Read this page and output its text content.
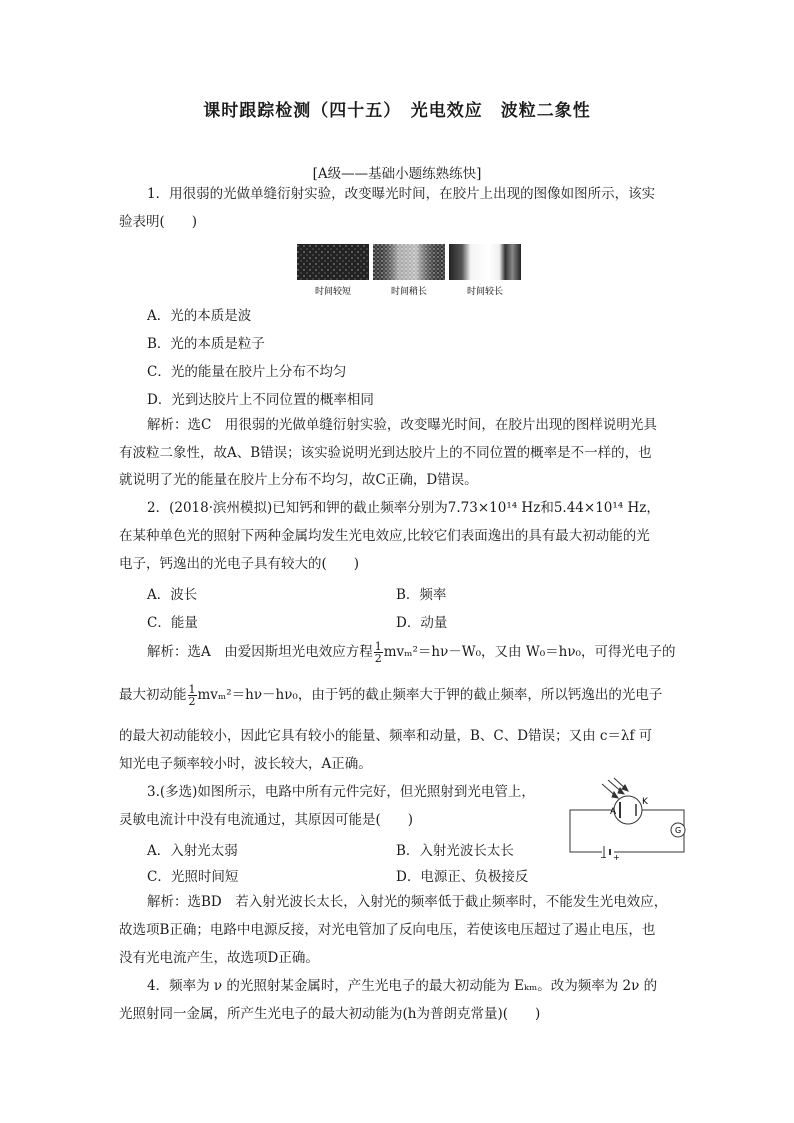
课时跟踪检测（四十五）　光电效应　波粒二象性
[A级——基础小题练熟练快]
1．用很弱的光做单缝衍射实验，改变曝光时间，在胶片上出现的图像如图所示，该实
验表明(　　)
时间较短	时间稍长	时间较长
A．光的本质是波
B．光的本质是粒子
C．光的能量在胶片上分布不均匀
D．光到达胶片上不同位置的概率相同
解析：选C　用很弱的光做单缝衍射实验，改变曝光时间，在胶片出现的图样说明光具
有波粒二象性，故A、B错误；该实验说明光到达胶片上的不同位置的概率是不一样的，也
就说明了光的能量在胶片上分布不均匀，故C正确，D错误。
2．(2018·滨州模拟)已知钙和钾的截止频率分别为7.73×10¹⁴ Hz和5.44×10¹⁴ Hz，
在某种单色光的照射下两种金属均发生光电效应,比较它们表面逸出的具有最大初动能的光
电子，钙逸出的光电子具有较大的(　　)
A．波长	B．频率
C．能量	D．动量
解析：选A　由爱因斯坦光电效应方程 $\frac{1}{2} mv_m^2=h\nu-W_0$，又由 W₀＝hν₀，可得光电子的
最大初动能 $\frac{1}{2} mv_m^2=h\nu-h\nu_0$，由于钙的截止频率大于钾的截止频率，所以钙逸出的光电子
的最大初动能较小，因此它具有较小的能量、频率和动量，B、C、D错误；又由 c＝λf 可
知光电子频率较小时，波长较大，A正确。
3.(多选)如图所示，电路中所有元件完好，但光照射到光电管上，
灵敏电流计中没有电流通过，其原因可能是(　　)	A
K
G
− +
A．入射光太弱	B．入射光波长太长
C．光照时间短	D．电源正、负极接反
解析：选BD　若入射光波长太长，入射光的频率低于截止频率时，不能发生光电效应，
故选项B正确；电路中电源反接，对光电管加了反向电压，若使该电压超过了遏止电压，也
没有光电流产生，故选项D正确。
4．频率为 ν 的光照射某金属时，产生光电子的最大初动能为 Eₖₘ。改为频率为 2ν 的
光照射同一金属，所产生光电子的最大初动能为(h为普朗克常量)(　　)
